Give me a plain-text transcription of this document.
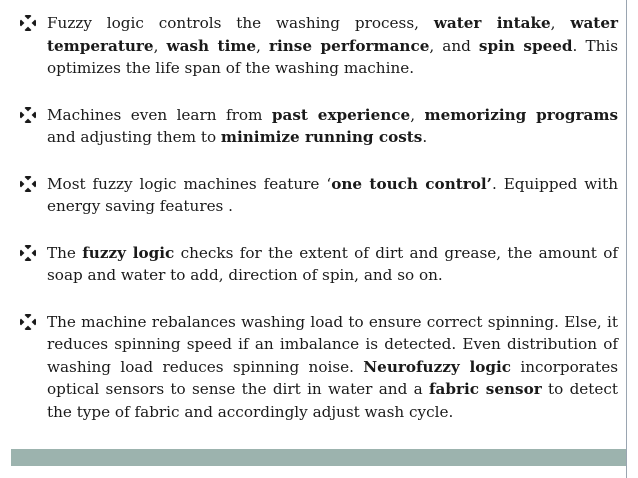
Fuzzy logic controls the washing process, water intake, water temperature, wash time, rinse performance, and spin speed. This optimizes the life span of the washing machine.
Machines even learn from past experience, memorizing programs and adjusting them to minimize running costs.
Most fuzzy logic machines feature ‘one touch control’. Equipped with energy saving features .
The fuzzy logic checks for the extent of dirt and grease, the amount of soap and water to add, direction of spin, and so on.
The machine rebalances washing load to ensure correct spinning. Else, it reduces spinning speed if an imbalance is detected. Even distribution of washing load reduces spinning noise. Neurofuzzy logic incorporates optical sensors to sense the dirt in water and a fabric sensor to detect the type of fabric and accordingly adjust wash cycle.
